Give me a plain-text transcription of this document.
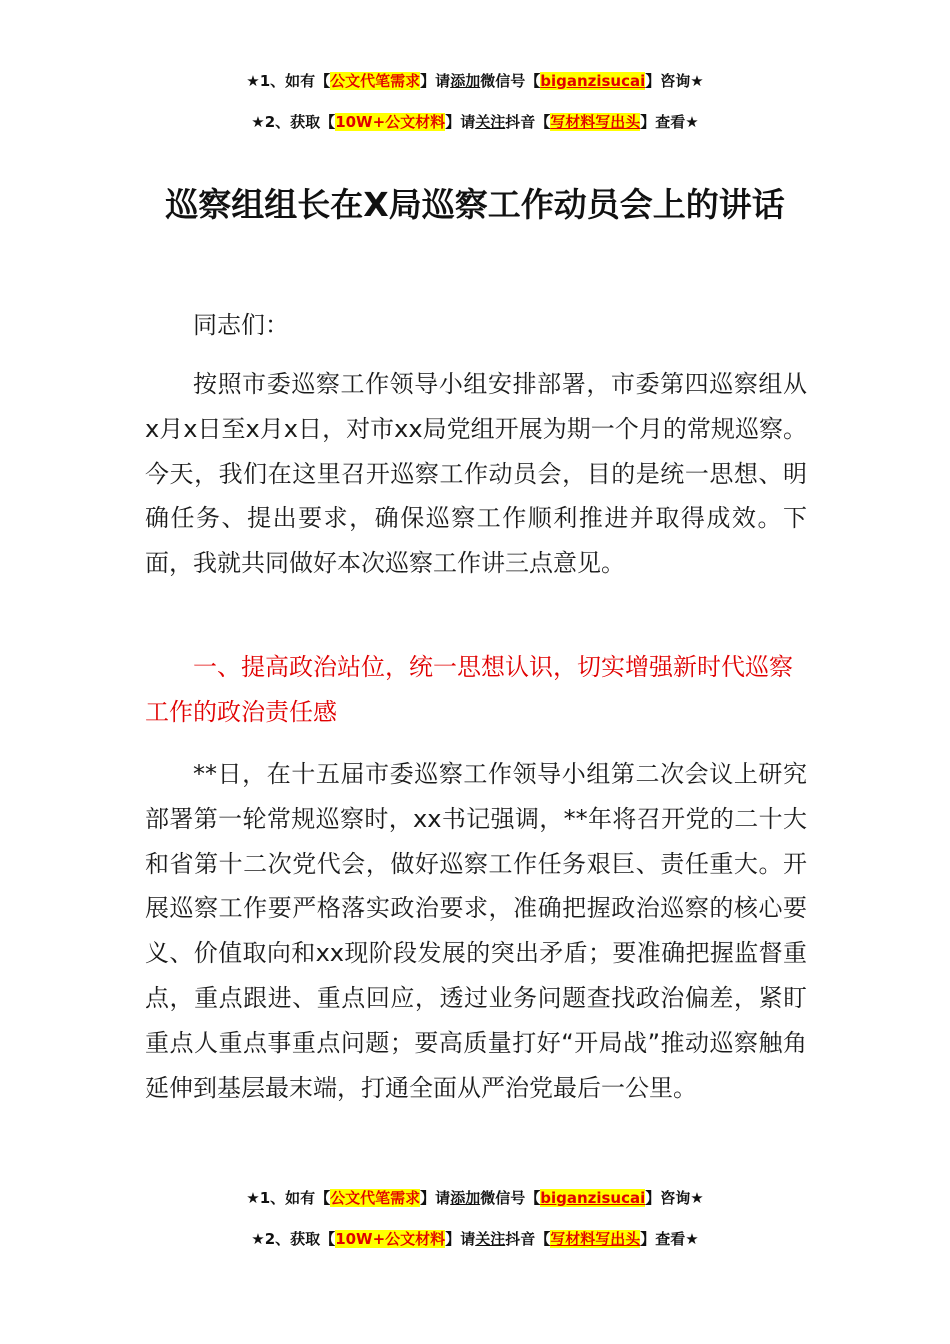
★1、如有【公文代笔需求】请添加微信号【biganzisucai】咨询★
★2、获取【10W+公文材料】请关注抖音【写材料写出头】查看★
巡察组组长在X局巡察工作动员会上的讲话

同志们：

按照市委巡察工作领导小组安排部署，市委第四巡察组从x月x日至x月x日，对市xx局党组开展为期一个月的常规巡察。今天，我们在这里召开巡察工作动员会，目的是统一思想、明确任务、提出要求，确保巡察工作顺利推进并取得成效。下面，我就共同做好本次巡察工作讲三点意见。

一、提高政治站位，统一思想认识，切实增强新时代巡察工作的政治责任感

**日，在十五届市委巡察工作领导小组第二次会议上研究部署第一轮常规巡察时，xx书记强调，**年将召开党的二十大和省第十二次党代会，做好巡察工作任务艰巨、责任重大。开展巡察工作要严格落实政治要求，准确把握政治巡察的核心要义、价值取向和xx现阶段发展的突出矛盾；要准确把握监督重点，重点跟进、重点回应，透过业务问题查找政治偏差，紧盯重点人重点事重点问题；要高质量打好“开局战”推动巡察触角延伸到基层最末端，打通全面从严治党最后一公里。

★1、如有【公文代笔需求】请添加微信号【biganzisucai】咨询★
★2、获取【10W+公文材料】请关注抖音【写材料写出头】查看★
